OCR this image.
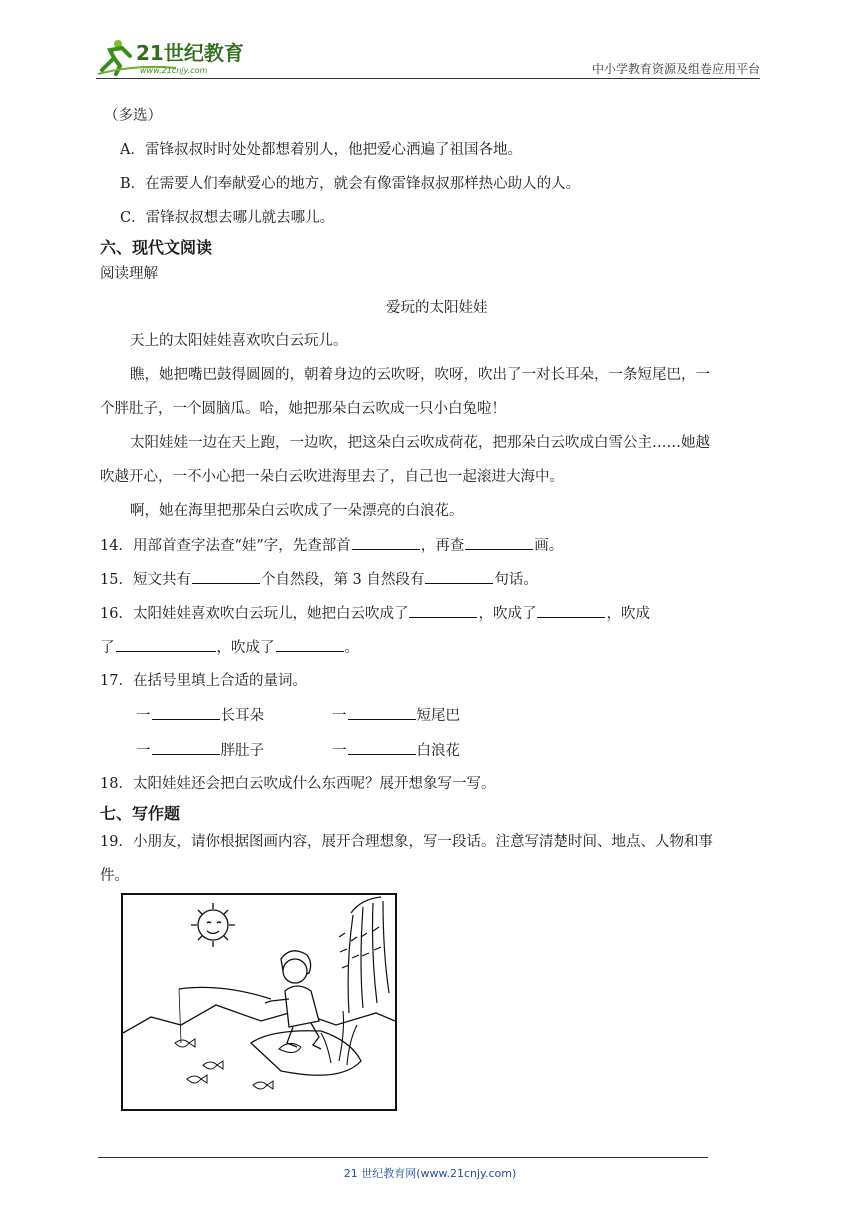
21世纪教育
www.21cnjy.com	中小学教育资源及组卷应用平台
（多选）
A．雷锋叔叔时时处处都想着别人，他把爱心洒遍了祖国各地。
B．在需要人们奉献爱心的地方，就会有像雷锋叔叔那样热心助人的人。
C．雷锋叔叔想去哪儿就去哪儿。
六、现代文阅读
阅读理解
爱玩的太阳娃娃
天上的太阳娃娃喜欢吹白云玩儿。
瞧，她把嘴巴鼓得圆圆的，朝着身边的云吹呀，吹呀，吹出了一对长耳朵，一条短尾巴，一
个胖肚子，一个圆脑瓜。哈，她把那朵白云吹成一只小白兔啦！
太阳娃娃一边在天上跑，一边吹，把这朵白云吹成荷花，把那朵白云吹成白雪公主……她越
吹越开心，一不小心把一朵白云吹进海里去了，自己也一起滚进大海中。
啊，她在海里把那朵白云吹成了一朵漂亮的白浪花。
14．用部首查字法查“娃”字，先查部首	，再查	画。
15．短文共有	个自然段，第 3 自然段有	句话。
16．太阳娃娃喜欢吹白云玩儿，她把白云吹成了	，吹成了	，吹成
了	，吹成了	。
17．在括号里填上合适的量词。
一	长耳朵	一	短尾巴
一	胖肚子	一	白浪花
18．太阳娃娃还会把白云吹成什么东西呢？展开想象写一写。
七、写作题
19．小朋友，请你根据图画内容，展开合理想象，写一段话。注意写清楚时间、地点、人物和事
件。
21 世纪教育网(www.21cnjy.com)
